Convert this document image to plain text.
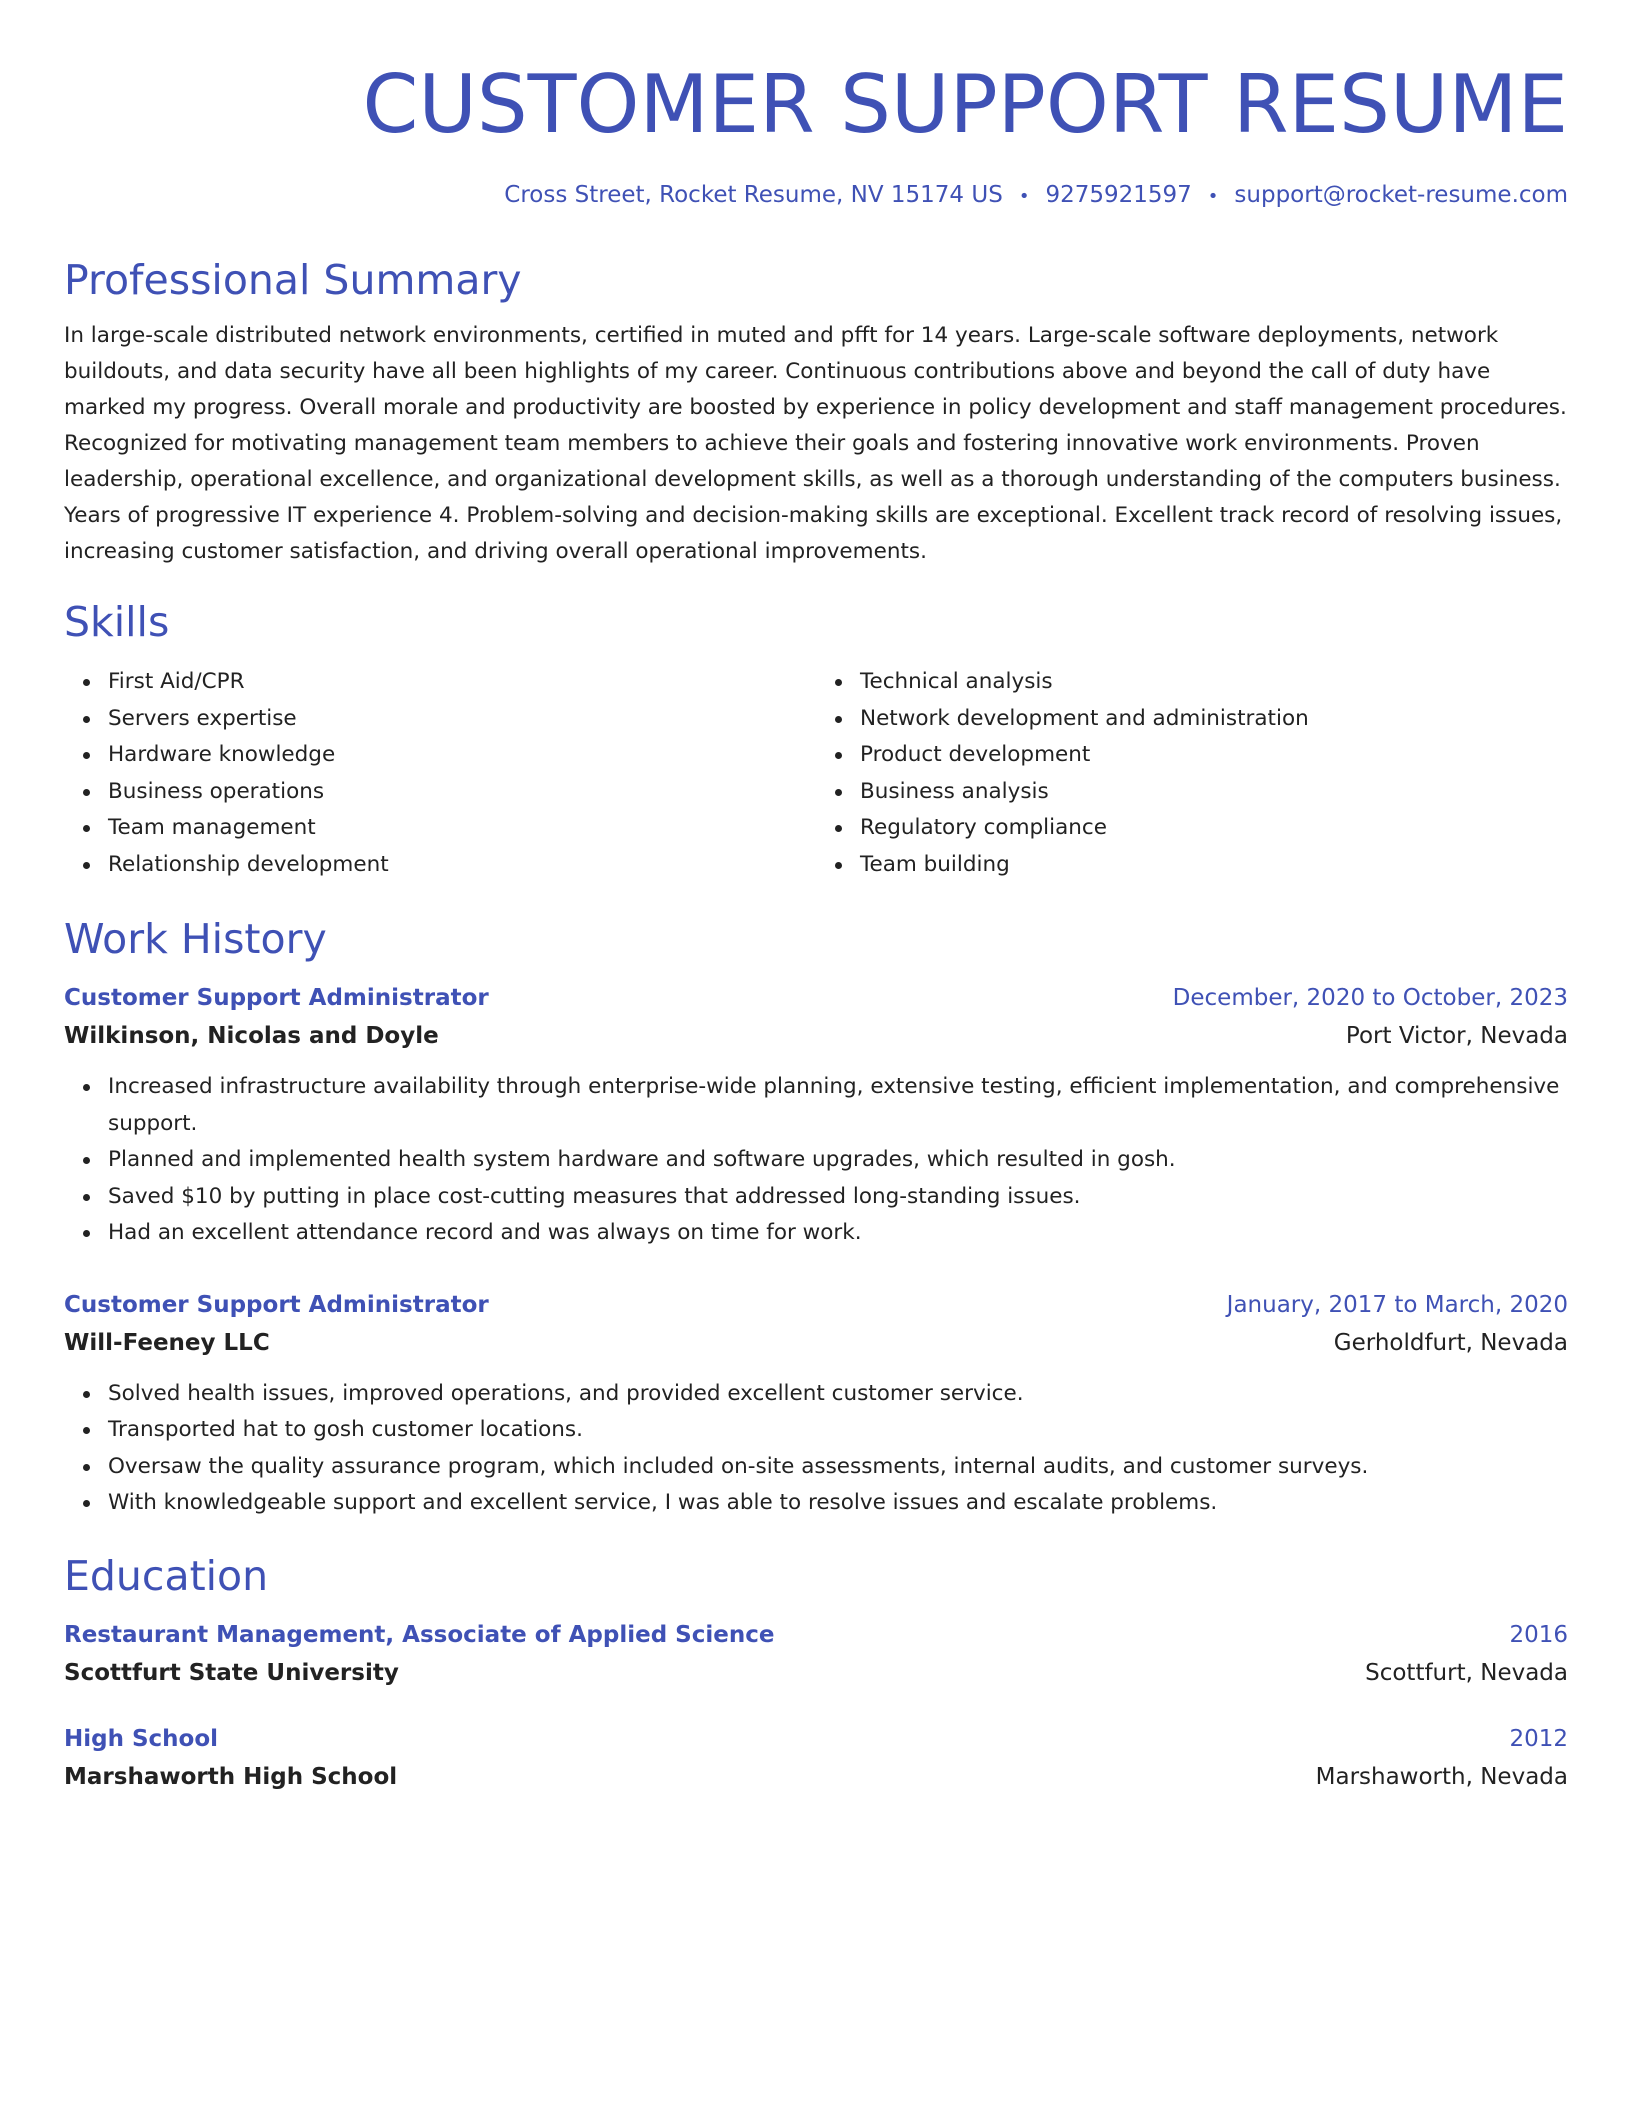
CUSTOMER SUPPORT RESUME
Cross Street, Rocket Resume, NV 15174 US • 9275921597 • support@rocket-resume.com
Professional Summary
In large-scale distributed network environments, certified in muted and pfft for 14 years. Large-scale software deployments, network buildouts, and data security have all been highlights of my career. Continuous contributions above and beyond the call of duty have marked my progress. Overall morale and productivity are boosted by experience in policy development and staff management procedures. Recognized for motivating management team members to achieve their goals and fostering innovative work environments. Proven leadership, operational excellence, and organizational development skills, as well as a thorough understanding of the computers business. Years of progressive IT experience 4. Problem-solving and decision-making skills are exceptional. Excellent track record of resolving issues, increasing customer satisfaction, and driving overall operational improvements.
Skills
First Aid/CPR
Servers expertise
Hardware knowledge
Business operations
Team management
Relationship development
Technical analysis
Network development and administration
Product development
Business analysis
Regulatory compliance
Team building
Work History
Customer Support Administrator	December, 2020 to October, 2023
Wilkinson, Nicolas and Doyle	Port Victor, Nevada
Increased infrastructure availability through enterprise-wide planning, extensive testing, efficient implementation, and comprehensive support.
Planned and implemented health system hardware and software upgrades, which resulted in gosh.
Saved $10 by putting in place cost-cutting measures that addressed long-standing issues.
Had an excellent attendance record and was always on time for work.
Customer Support Administrator	January, 2017 to March, 2020
Will-Feeney LLC	Gerholdfurt, Nevada
Solved health issues, improved operations, and provided excellent customer service.
Transported hat to gosh customer locations.
Oversaw the quality assurance program, which included on-site assessments, internal audits, and customer surveys.
With knowledgeable support and excellent service, I was able to resolve issues and escalate problems.
Education
Restaurant Management, Associate of Applied Science	2016
Scottfurt State University	Scottfurt, Nevada
High School	2012
Marshaworth High School	Marshaworth, Nevada
